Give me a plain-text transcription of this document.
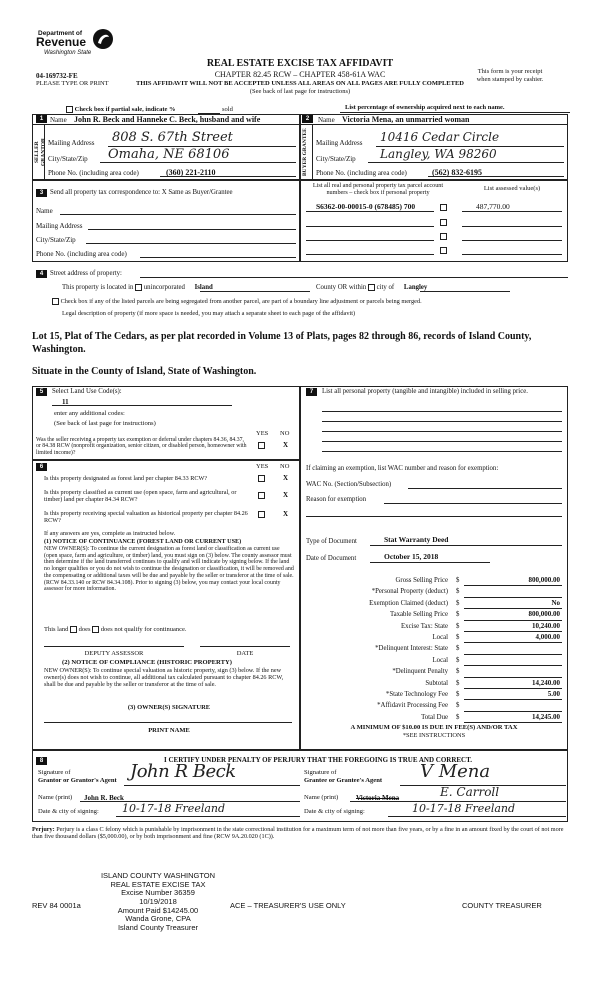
Department of
Revenue
Washington State
04-169732-FE
PLEASE TYPE OR PRINT
REAL ESTATE EXCISE TAX AFFIDAVIT
CHAPTER 82.45 RCW – CHAPTER 458-61A WAC
THIS AFFIDAVIT WILL NOT BE ACCEPTED UNLESS ALL AREAS ON ALL PAGES ARE FULLY COMPLETED
(See back of last page for instructions)
This form is your receipt
when stamped by cashier.
Check box if partial sale, indicate %	sold	List percentage of ownership acquired next to each name.
SELLER GRANTOR
1 Name John R. Beck and Hanneke C. Beck, husband and wife
Mailing Address 808 S. 67th Street
City/State/Zip Omaha, NE 68106
Phone No. (including area code)	(360) 221-2110	BUYER GRANTEE
2	Name Victoria Mena, an unmarried woman
Mailing Address 10416 Cedar Circle
City/State/Zip Langley, WA 98260
Phone No. (including area code)	(562) 832-6195
3	Send all property tax correspondence to: X Same as Buyer/Grantee
Name
Mailing Address
City/State/Zip
Phone No. (including area code)
List all real and personal property tax parcel account numbers – check box if personal property
List assessed value(s)
S6362-00-00015-0 (678485) 700	487,770.00
4	Street address of property:
This property is located in unincorporated Island	County OR within city of Langley
Check box if any of the listed parcels are being segregated from another parcel, are part of a boundary line adjustment or parcels being merged.
Legal description of property (if more space is needed, you may attach a separate sheet to each page of the affidavit)
Lot 15, Plat of The Cedars, as per plat recorded in Volume 13 of Plats, pages 82 through 86, records of Island County, Washington.
Situate in the County of Island, State of Washington.
5	Select Land Use Code(s):
11
enter any additional codes:
(See back of last page for instructions)
YES NO
Was the seller receiving a property tax exemption or deferral under chapters 84.36, 84.37, or 84.38 RCW (nonprofit organization, senior citizen, or disabled person, homeowner with limited income)?
X
6	YES NO
Is this property designated as forest land per chapter 84.33 RCW?	X
Is this property classified as current use (open space, farm and agricultural, or timber) land per chapter 84.34 RCW?
X
Is this property receiving special valuation as historical property per chapter 84.26 RCW?
X
If any answers are yes, complete as instructed below.
(1) NOTICE OF CONTINUANCE (FOREST LAND OR CURRENT USE)
NEW OWNER(S): To continue the current designation as forest land or classification as current use (open space, farm and agriculture, or timber) land, you must sign on (3) below. The county assessor must then determine if the land transferred continues to qualify and will indicate by signing below. If the land no longer qualifies or you do not wish to continue the designation or classification, it will be removed and the compensating or additional taxes will be due and payable by the seller or transferor at the time of sale. (RCW 84.33.140 or RCW 84.34.108). Prior to signing (3) below, you may contact your local county assessor for more information.
This land does does not qualify for continuance.
DEPUTY ASSESSOR	DATE
(2) NOTICE OF COMPLIANCE (HISTORIC PROPERTY)
NEW OWNER(S): To continue special valuation as historic property, sign (3) below. If the new owner(s) does not wish to continue, all additional tax calculated pursuant to chapter 84.26 RCW, shall be due and payable by the seller or transferor at the time of sale.
(3) OWNER(S) SIGNATURE
PRINT NAME
7	List all personal property (tangible and intangible) included in selling price.
If claiming an exemption, list WAC number and reason for exemption:
WAC No. (Section/Subsection)
Reason for exemption
Type of Document	Stat Warranty Deed
Date of Document	October 15, 2018
Gross Selling Price $	800,000.00
*Personal Property (deduct) $
Exemption Claimed (deduct) $	No
Taxable Selling Price $	800,000.00
Excise Tax: State $	10,240.00
Local $	4,000.00
*Delinquent Interest: State $
Local $
*Delinquent Penalty $
Subtotal $	14,240.00
*State Technology Fee $	5.00
*Affidavit Processing Fee $
Total Due $	14,245.00
A MINIMUM OF $10.00 IS DUE IN FEE(S) AND/OR TAX
*SEE INSTRUCTIONS
8	I CERTIFY UNDER PENALTY OF PERJURY THAT THE FOREGOING IS TRUE AND CORRECT.
Signature of
Grantor or Grantor's Agent John R Beck
Name (print) John R. Beck
Date & city of signing: 10-17-18 Freeland
Signature of
Grantee or Grantee's Agent V Mena
Name (print)	Victoria Mena	E. Carroll
Date & city of signing:	10-17-18 Freeland
Perjury: Perjury is a class C felony which is punishable by imprisonment in the state correctional institution for a maximum term of not more than five years, or by a fine in an amount fixed by the court of not more than five thousand dollars ($5,000.00), or by both imprisonment and fine (RCW 9A.20.020 (1C)).
ISLAND COUNTY WASHINGTON
REAL ESTATE EXCISE TAX
Excise Number 36359
10/19/2018
Amount Paid $14245.00
Wanda Grone, CPA
Island County Treasurer
REV 84 0001a	ACE – TREASURER'S USE ONLY	COUNTY TREASURER
